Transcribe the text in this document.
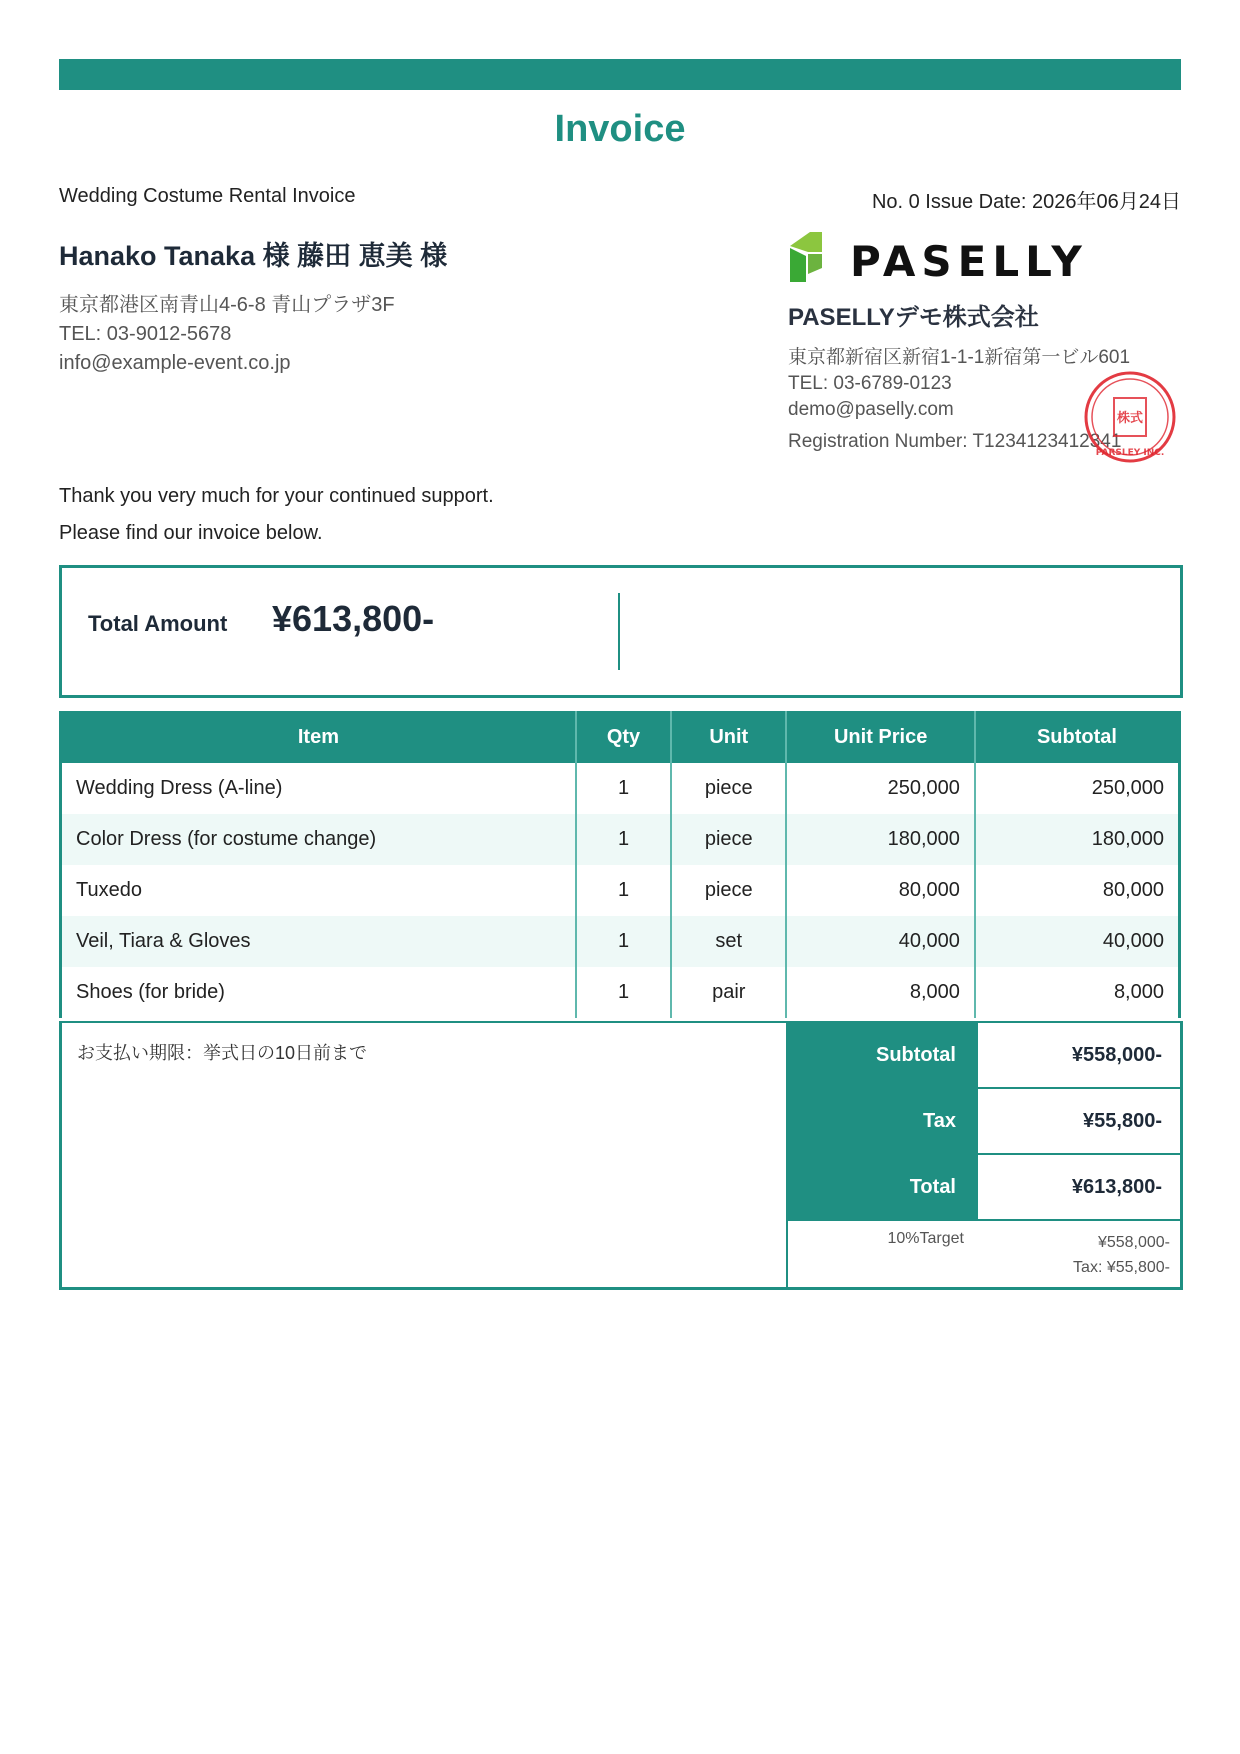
Invoice
Wedding Costume Rental Invoice	No. 0 Issue Date: 2026年06月24日
Hanako Tanaka 様 藤田 恵美 様
東京都港区南青山4-6-8 青山プラザ3F
TEL: 03-9012-5678
info@example-event.co.jp
PASELLY
PASELLYデモ株式会社
東京都新宿区新宿1-1-1新宿第一ビル601
TEL: 03-6789-0123
demo@paselly.com
Registration Number: T1234123412341
株式
PARSLEY INC.
Thank you very much for your continued support.
Please find our invoice below.
Total Amount ¥613,800-
Item	Qty	Unit	Unit Price	Subtotal
Wedding Dress (A-line)	1	piece	250,000	250,000
Color Dress (for costume change)	1	piece	180,000	180,000
Tuxedo	1	piece	80,000	80,000
Veil, Tiara & Gloves	1	set	40,000	40,000
Shoes (for bride)	1	pair	8,000	8,000
お支払い期限：挙式日の10日前まで	Subtotal	¥558,000-
Tax	¥55,800-
Total	¥613,800-
10%Target	¥558,000-
Tax: ¥55,800-
